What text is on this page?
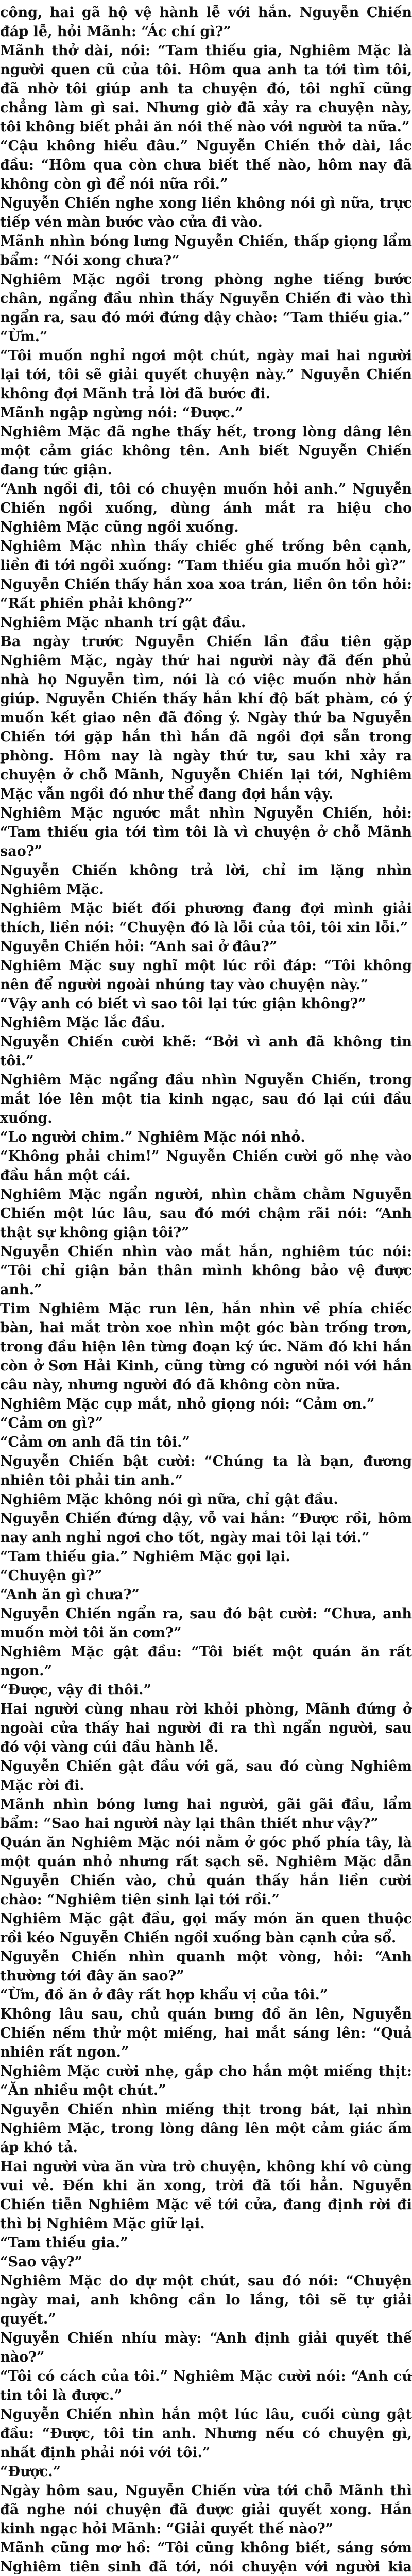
công, hai gã hộ vệ hành lễ với hắn. Nguyễn Chiến đáp lễ, hỏi Mãnh: “Ác chí gì?”

Mãnh thở dài, nói: “Tam thiếu gia, Nghiêm Mặc là người quen cũ của tôi. Hôm qua anh ta tới tìm tôi, đã nhờ tôi giúp anh ta chuyện đó, tôi nghĩ cũng chẳng làm gì sai. Nhưng giờ đã xảy ra chuyện này, tôi không biết phải ăn nói thế nào với người ta nữa.”

“Cậu không hiểu đâu.” Nguyễn Chiến thở dài, lắc đầu: “Hôm qua còn chưa biết thế nào, hôm nay đã không còn gì để nói nữa rồi.”

Nguyễn Chiến nghe xong liền không nói gì nữa, trực tiếp vén màn bước vào cửa đi vào.

Mãnh nhìn bóng lưng Nguyễn Chiến, thấp giọng lẩm bẩm: “Nói xong chưa?”

Nghiêm Mặc ngồi trong phòng nghe tiếng bước chân, ngẩng đầu nhìn thấy Nguyễn Chiến đi vào thì ngẩn ra, sau đó mới đứng dậy chào: “Tam thiếu gia.”

“Ừm.”

“Tôi muốn nghỉ ngơi một chút, ngày mai hai người lại tới, tôi sẽ giải quyết chuyện này.” Nguyễn Chiến không đợi Mãnh trả lời đã bước đi.

Mãnh ngập ngừng nói: “Được.”

Nghiêm Mặc đã nghe thấy hết, trong lòng dâng lên một cảm giác không tên. Anh biết Nguyễn Chiến đang tức giận.

“Anh ngồi đi, tôi có chuyện muốn hỏi anh.” Nguyễn Chiến ngồi xuống, dùng ánh mắt ra hiệu cho Nghiêm Mặc cũng ngồi xuống.

Nghiêm Mặc nhìn thấy chiếc ghế trống bên cạnh, liền đi tới ngồi xuống: “Tam thiếu gia muốn hỏi gì?”

Nguyễn Chiến thấy hắn xoa xoa trán, liền ôn tồn hỏi: “Rất phiền phải không?”

Nghiêm Mặc nhanh trí gật đầu.

Ba ngày trước Nguyễn Chiến lần đầu tiên gặp Nghiêm Mặc, ngày thứ hai người này đã đến phủ nhà họ Nguyễn tìm, nói là có việc muốn nhờ hắn giúp. Nguyễn Chiến thấy hắn khí độ bất phàm, có ý muốn kết giao nên đã đồng ý. Ngày thứ ba Nguyễn Chiến tới gặp hắn thì hắn đã ngồi đợi sẵn trong phòng. Hôm nay là ngày thứ tư, sau khi xảy ra chuyện ở chỗ Mãnh, Nguyễn Chiến lại tới, Nghiêm Mặc vẫn ngồi đó như thể đang đợi hắn vậy.

Nghiêm Mặc ngước mắt nhìn Nguyễn Chiến, hỏi: “Tam thiếu gia tới tìm tôi là vì chuyện ở chỗ Mãnh sao?”

Nguyễn Chiến không trả lời, chỉ im lặng nhìn Nghiêm Mặc.

Nghiêm Mặc biết đối phương đang đợi mình giải thích, liền nói: “Chuyện đó là lỗi của tôi, tôi xin lỗi.”

Nguyễn Chiến hỏi: “Anh sai ở đâu?”

Nghiêm Mặc suy nghĩ một lúc rồi đáp: “Tôi không nên để người ngoài nhúng tay vào chuyện này.”

“Vậy anh có biết vì sao tôi lại tức giận không?”

Nghiêm Mặc lắc đầu.

Nguyễn Chiến cười khẽ: “Bởi vì anh đã không tin tôi.”

Nghiêm Mặc ngẩng đầu nhìn Nguyễn Chiến, trong mắt lóe lên một tia kinh ngạc, sau đó lại cúi đầu xuống.

“Lo người chim.” Nghiêm Mặc nói nhỏ.

“Không phải chim!” Nguyễn Chiến cười gõ nhẹ vào đầu hắn một cái.

Nghiêm Mặc ngẩn người, nhìn chằm chằm Nguyễn Chiến một lúc lâu, sau đó mới chậm rãi nói: “Anh thật sự không giận tôi?”

Nguyễn Chiến nhìn vào mắt hắn, nghiêm túc nói: “Tôi chỉ giận bản thân mình không bảo vệ được anh.”

Tim Nghiêm Mặc run lên, hắn nhìn về phía chiếc bàn, hai mắt tròn xoe nhìn một góc bàn trống trơn, trong đầu hiện lên từng đoạn ký ức. Năm đó khi hắn còn ở Sơn Hải Kinh, cũng từng có người nói với hắn câu này, nhưng người đó đã không còn nữa.

Nghiêm Mặc cụp mắt, nhỏ giọng nói: “Cảm ơn.”

“Cảm ơn gì?”

“Cảm ơn anh đã tin tôi.”

Nguyễn Chiến bật cười: “Chúng ta là bạn, đương nhiên tôi phải tin anh.”

Nghiêm Mặc không nói gì nữa, chỉ gật đầu.

Nguyễn Chiến đứng dậy, vỗ vai hắn: “Được rồi, hôm nay anh nghỉ ngơi cho tốt, ngày mai tôi lại tới.”

“Tam thiếu gia.” Nghiêm Mặc gọi lại.

“Chuyện gì?”

“Anh ăn gì chưa?”

Nguyễn Chiến ngẩn ra, sau đó bật cười: “Chưa, anh muốn mời tôi ăn cơm?”

Nghiêm Mặc gật đầu: “Tôi biết một quán ăn rất ngon.”

“Được, vậy đi thôi.”

Hai người cùng nhau rời khỏi phòng, Mãnh đứng ở ngoài cửa thấy hai người đi ra thì ngẩn người, sau đó vội vàng cúi đầu hành lễ.

Nguyễn Chiến gật đầu với gã, sau đó cùng Nghiêm Mặc rời đi.

Mãnh nhìn bóng lưng hai người, gãi gãi đầu, lẩm bẩm: “Sao hai người này lại thân thiết như vậy?”

Quán ăn Nghiêm Mặc nói nằm ở góc phố phía tây, là một quán nhỏ nhưng rất sạch sẽ. Nghiêm Mặc dẫn Nguyễn Chiến vào, chủ quán thấy hắn liền cười chào: “Nghiêm tiên sinh lại tới rồi.”

Nghiêm Mặc gật đầu, gọi mấy món ăn quen thuộc rồi kéo Nguyễn Chiến ngồi xuống bàn cạnh cửa sổ.

Nguyễn Chiến nhìn quanh một vòng, hỏi: “Anh thường tới đây ăn sao?”

“Ừm, đồ ăn ở đây rất hợp khẩu vị của tôi.”

Không lâu sau, chủ quán bưng đồ ăn lên, Nguyễn Chiến nếm thử một miếng, hai mắt sáng lên: “Quả nhiên rất ngon.”

Nghiêm Mặc cười nhẹ, gắp cho hắn một miếng thịt: “Ăn nhiều một chút.”

Nguyễn Chiến nhìn miếng thịt trong bát, lại nhìn Nghiêm Mặc, trong lòng dâng lên một cảm giác ấm áp khó tả.

Hai người vừa ăn vừa trò chuyện, không khí vô cùng vui vẻ. Đến khi ăn xong, trời đã tối hẳn. Nguyễn Chiến tiễn Nghiêm Mặc về tới cửa, đang định rời đi thì bị Nghiêm Mặc giữ lại.

“Tam thiếu gia.”

“Sao vậy?”

Nghiêm Mặc do dự một chút, sau đó nói: “Chuyện ngày mai, anh không cần lo lắng, tôi sẽ tự giải quyết.”

Nguyễn Chiến nhíu mày: “Anh định giải quyết thế nào?”

“Tôi có cách của tôi.” Nghiêm Mặc cười nói: “Anh cứ tin tôi là được.”

Nguyễn Chiến nhìn hắn một lúc lâu, cuối cùng gật đầu: “Được, tôi tin anh. Nhưng nếu có chuyện gì, nhất định phải nói với tôi.”

“Được.”

Ngày hôm sau, Nguyễn Chiến vừa tới chỗ Mãnh thì đã nghe nói chuyện đã được giải quyết xong. Hắn kinh ngạc hỏi Mãnh: “Giải quyết thế nào?”

Mãnh cũng mơ hồ: “Tôi cũng không biết, sáng sớm Nghiêm tiên sinh đã tới, nói chuyện với người kia
